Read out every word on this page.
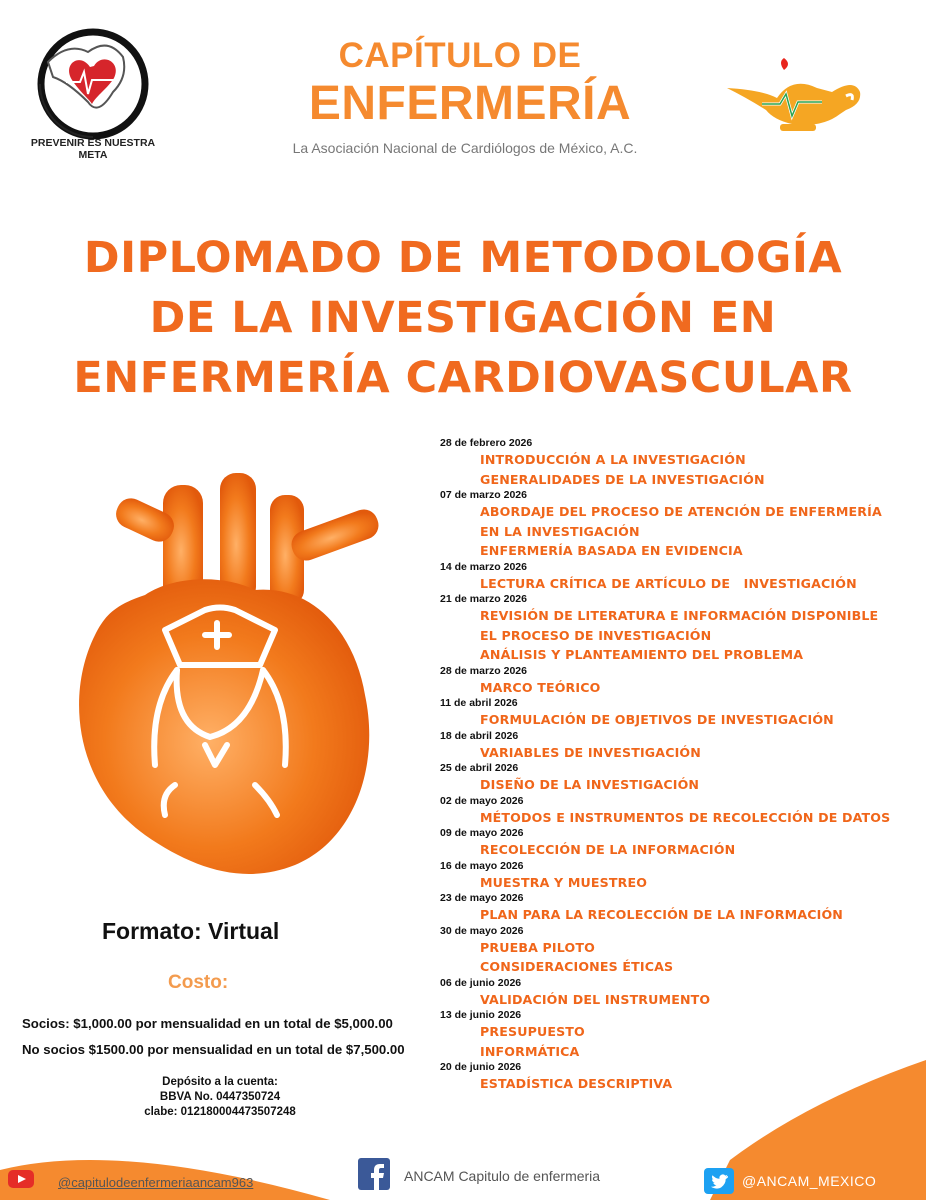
PREVENIR ES NUESTRA META
CAPÍTULO DE
ENFERMERÍA
La Asociación Nacional de Cardiólogos de México, A.C.
DIPLOMADO DE METODOLOGÍA
DE LA INVESTIGACIÓN EN
ENFERMERÍA CARDIOVASCULAR
28 de febrero 2026
INTRODUCCIÓN A LA INVESTIGACIÓN
GENERALIDADES DE LA INVESTIGACIÓN
07 de marzo 2026
ABORDAJE DEL PROCESO DE ATENCIÓN DE ENFERMERÍA
EN LA INVESTIGACIÓN
ENFERMERÍA BASADA EN EVIDENCIA
14 de marzo 2026
LECTURA CRÍTICA DE ARTÍCULO DE   INVESTIGACIÓN
21 de marzo 2026
REVISIÓN DE LITERATURA E INFORMACIÓN DISPONIBLE
EL PROCESO DE INVESTIGACIÓN
ANÁLISIS Y PLANTEAMIENTO DEL PROBLEMA
28 de marzo 2026
MARCO TEÓRICO
11 de abril 2026
FORMULACIÓN DE OBJETIVOS DE INVESTIGACIÓN
18 de abril 2026
VARIABLES DE INVESTIGACIÓN
25 de abril 2026
DISEÑO DE LA INVESTIGACIÓN
02 de mayo 2026
MÉTODOS E INSTRUMENTOS DE RECOLECCIÓN DE DATOS
09 de mayo 2026
RECOLECCIÓN DE LA INFORMACIÓN
16 de mayo 2026
MUESTRA Y MUESTREO
23 de mayo 2026
PLAN PARA LA RECOLECCIÓN DE LA INFORMACIÓN
30 de mayo 2026
PRUEBA PILOTO
CONSIDERACIONES ÉTICAS
06 de junio 2026
VALIDACIÓN DEL INSTRUMENTO
13 de junio 2026
PRESUPUESTO
INFORMÁTICA
20 de junio 2026
ESTADÍSTICA DESCRIPTIVA
Formato: Virtual
Costo:
Socios: $1,000.00 por mensualidad en un total de $5,000.00
No socios $1500.00 por mensualidad en un total de $7,500.00
Depósito a la cuenta:
BBVA No. 0447350724
clabe: 012180004473507248
@capitulodeenfermeriaancam963	ANCAM Capitulo de enfermeria	@ANCAM_MEXICO
